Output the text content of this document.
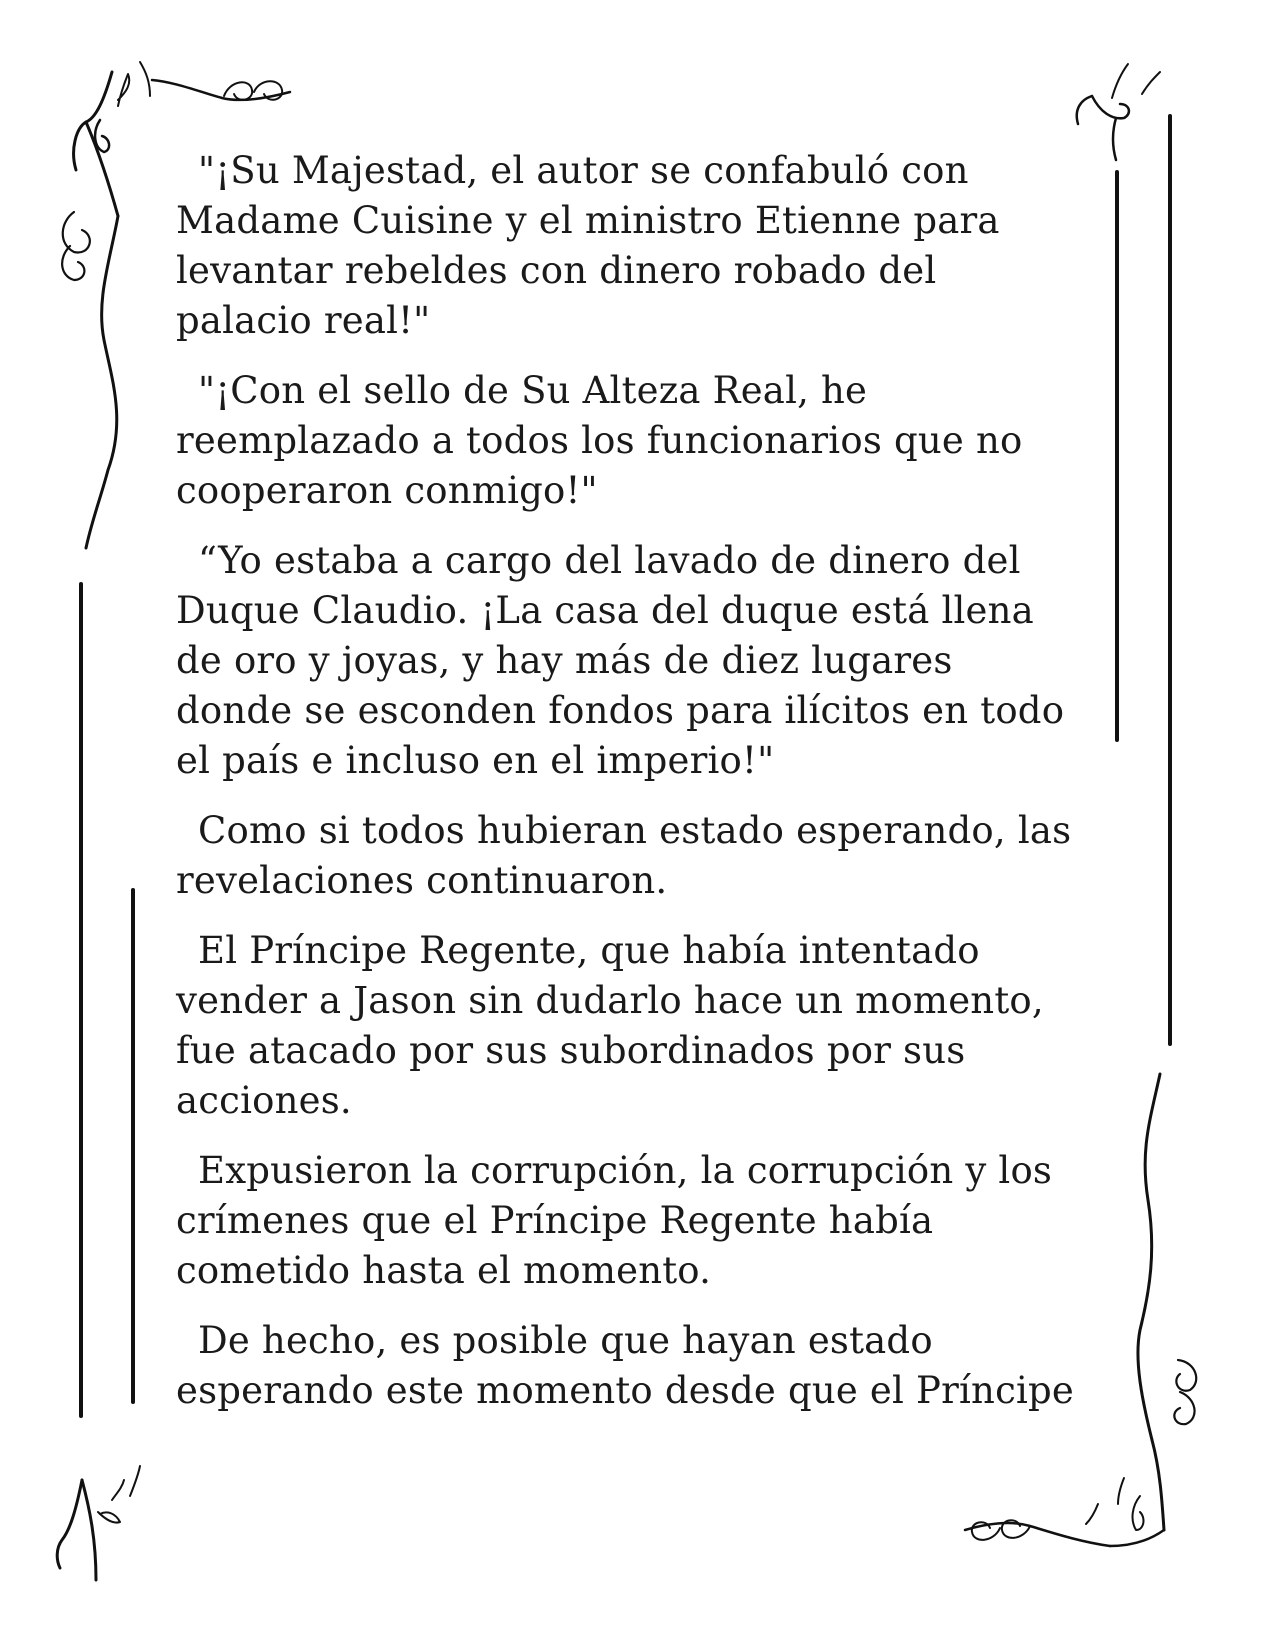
"¡Su Majestad, el autor se confabuló con Madame Cuisine y el ministro Etienne para levantar rebeldes con dinero robado del palacio real!"

"¡Con el sello de Su Alteza Real, he reemplazado a todos los funcionarios que no cooperaron conmigo!"

“Yo estaba a cargo del lavado de dinero del Duque Claudio. ¡La casa del duque está llena de oro y joyas, y hay más de diez lugares donde se esconden fondos para ilícitos en todo el país e incluso en el imperio!"

Como si todos hubieran estado esperando, las revelaciones continuaron.

El Príncipe Regente, que había intentado vender a Jason sin dudarlo hace un momento, fue atacado por sus subordinados por sus acciones.

Expusieron la corrupción, la corrupción y los crímenes que el Príncipe Regente había cometido hasta el momento.

De hecho, es posible que hayan estado esperando este momento desde que el Príncipe
